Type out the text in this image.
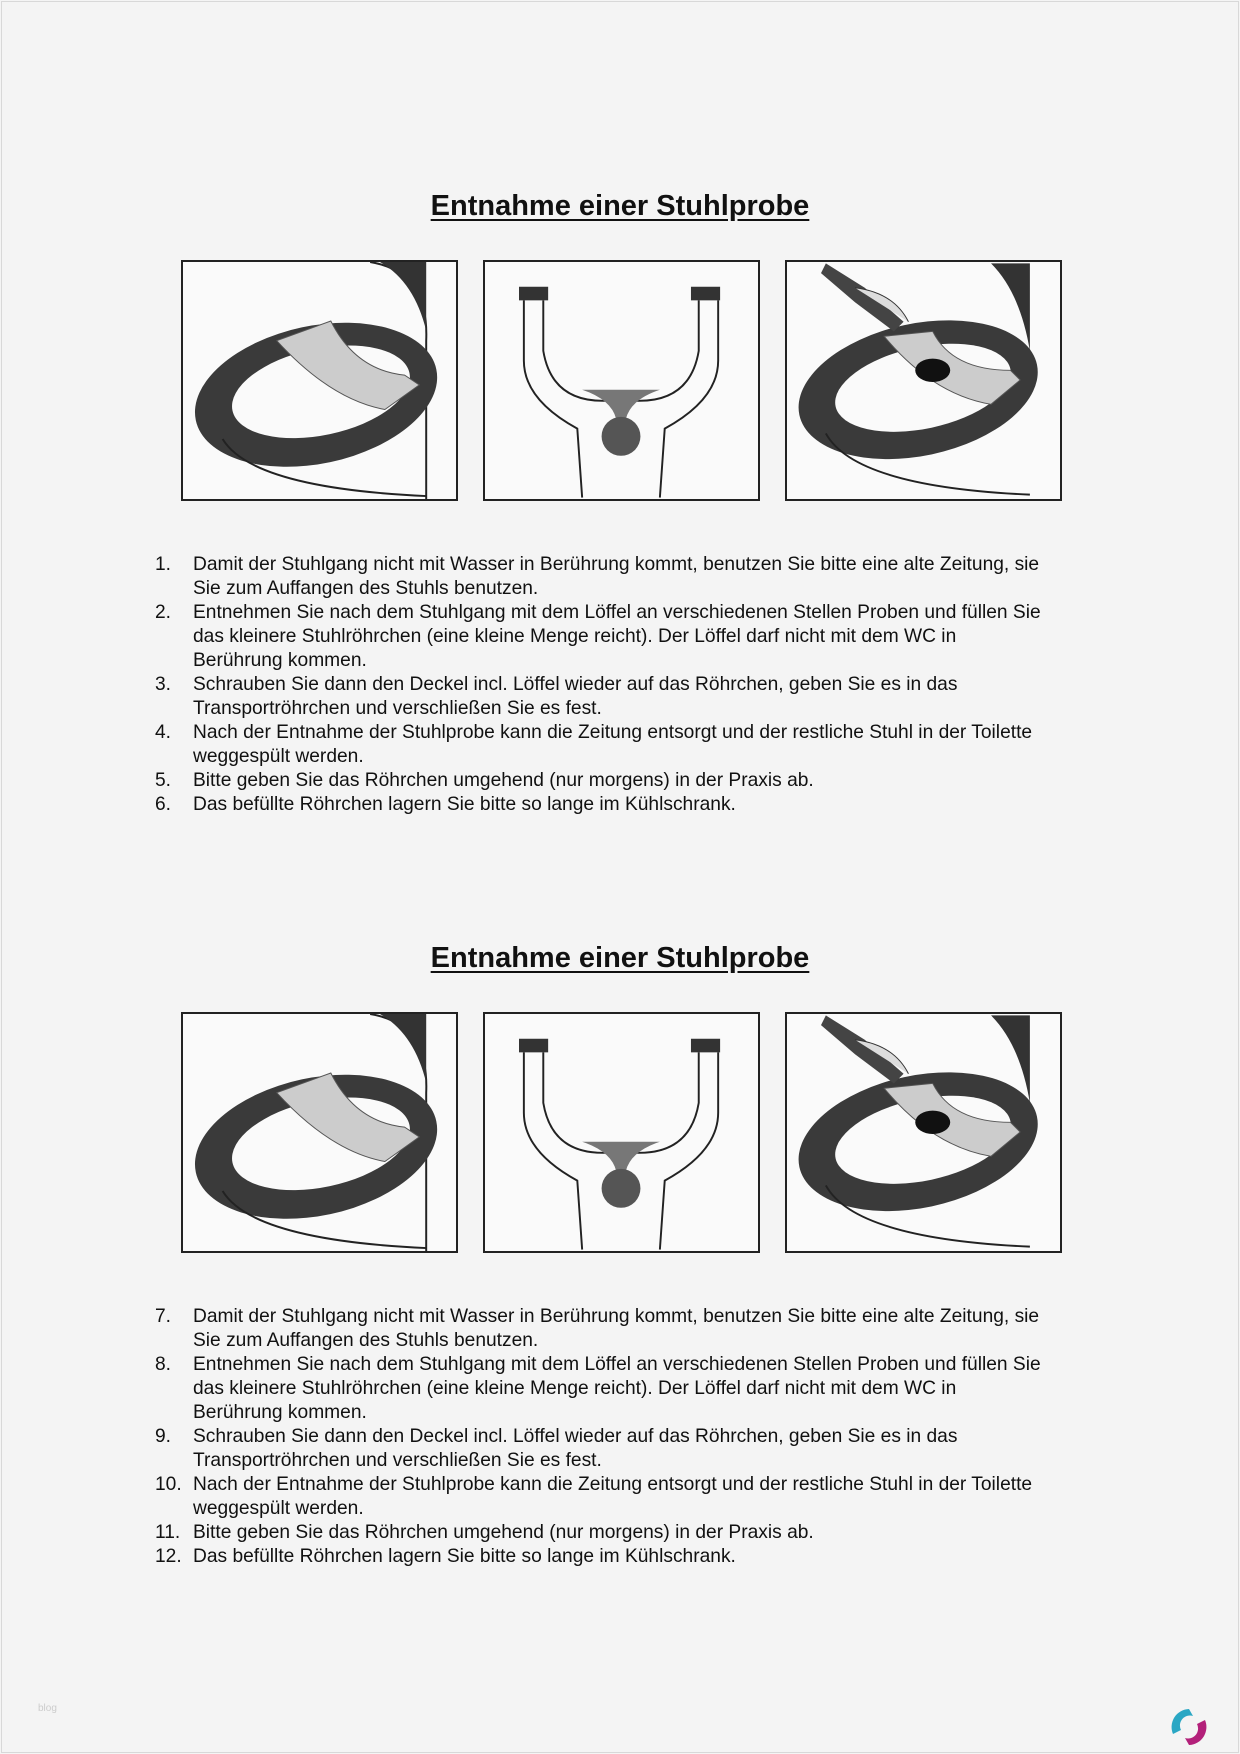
Entnahme einer Stuhlprobe
1. Damit der Stuhlgang nicht mit Wasser in Berührung kommt, benutzen Sie bitte eine alte Zeitung, sie
Sie zum Auffangen des Stuhls benutzen.
2. Entnehmen Sie nach dem Stuhlgang mit dem Löffel an verschiedenen Stellen Proben und füllen Sie
das kleinere Stuhlröhrchen (eine kleine Menge reicht). Der Löffel darf nicht mit dem WC in
Berührung kommen.
3. Schrauben Sie dann den Deckel incl. Löffel wieder auf das Röhrchen, geben Sie es in das
Transportröhrchen und verschließen Sie es fest.
4. Nach der Entnahme der Stuhlprobe kann die Zeitung entsorgt und der restliche Stuhl in der Toilette
weggespült werden.
5. Bitte geben Sie das Röhrchen umgehend (nur morgens) in der Praxis ab.
6. Das befüllte Röhrchen lagern Sie bitte so lange im Kühlschrank.
Entnahme einer Stuhlprobe
7. Damit der Stuhlgang nicht mit Wasser in Berührung kommt, benutzen Sie bitte eine alte Zeitung, sie
Sie zum Auffangen des Stuhls benutzen.
8. Entnehmen Sie nach dem Stuhlgang mit dem Löffel an verschiedenen Stellen Proben und füllen Sie
das kleinere Stuhlröhrchen (eine kleine Menge reicht). Der Löffel darf nicht mit dem WC in
Berührung kommen.
9. Schrauben Sie dann den Deckel incl. Löffel wieder auf das Röhrchen, geben Sie es in das
Transportröhrchen und verschließen Sie es fest.
10. Nach der Entnahme der Stuhlprobe kann die Zeitung entsorgt und der restliche Stuhl in der Toilette
weggespült werden.
11. Bitte geben Sie das Röhrchen umgehend (nur morgens) in der Praxis ab.
12. Das befüllte Röhrchen lagern Sie bitte so lange im Kühlschrank.
blog
